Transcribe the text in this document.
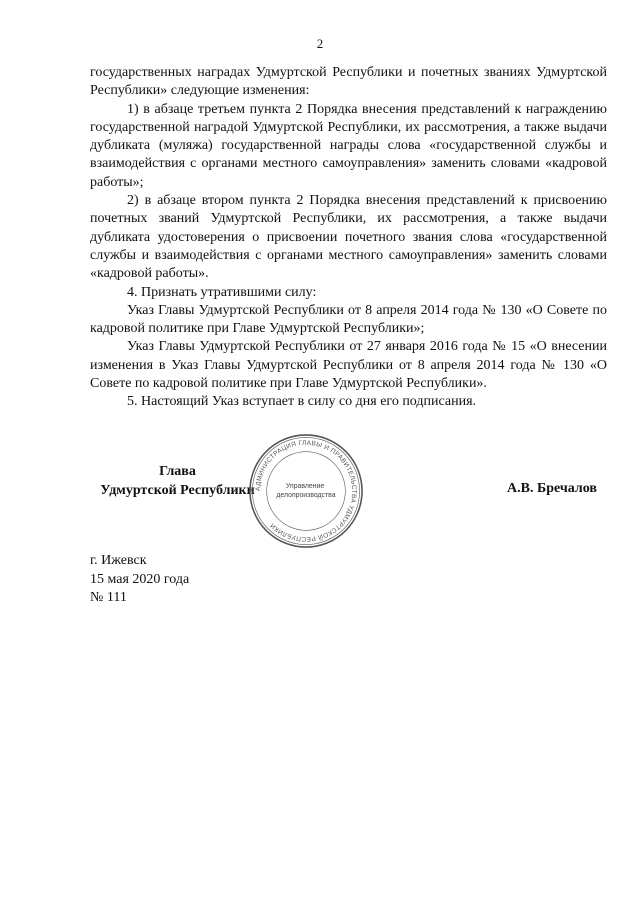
2

государственных наградах Удмуртской Республики и почетных званиях Удмуртской Республики» следующие изменения:

1) в абзаце третьем пункта 2 Порядка внесения представлений к награждению государственной наградой Удмуртской Республики, их рассмотрения, а также выдачи дубликата (муляжа) государственной награды слова «государственной службы и взаимодействия с органами местного самоуправления» заменить словами «кадровой работы»;

2) в абзаце втором пункта 2 Порядка внесения представлений к присвоению почетных званий Удмуртской Республики, их рассмотрения, а также выдачи дубликата удостоверения о присвоении почетного звания слова «государственной службы и взаимодействия с органами местного самоуправления» заменить словами «кадровой работы».

4. Признать утратившими силу:

Указ Главы Удмуртской Республики от 8 апреля 2014 года № 130 «О Совете по кадровой политике при Главе Удмуртской Республики»;

Указ Главы Удмуртской Республики от 27 января 2016 года № 15 «О внесении изменения в Указ Главы Удмуртской Республики от 8 апреля 2014 года № 130 «О Совете по кадровой политике при Главе Удмуртской Республики».

5. Настоящий Указ вступает в силу со дня его подписания.

Глава
Удмуртской Республики	А.В. Бречалов
АДМИНИСТРАЦИЯ ГЛАВЫ И ПРАВИТЕЛЬСТВА УДМУРТСКОЙ РЕСПУБЛИКИ
Управление делопроизводства
г. Ижевск
15 мая 2020 года
№ 111
